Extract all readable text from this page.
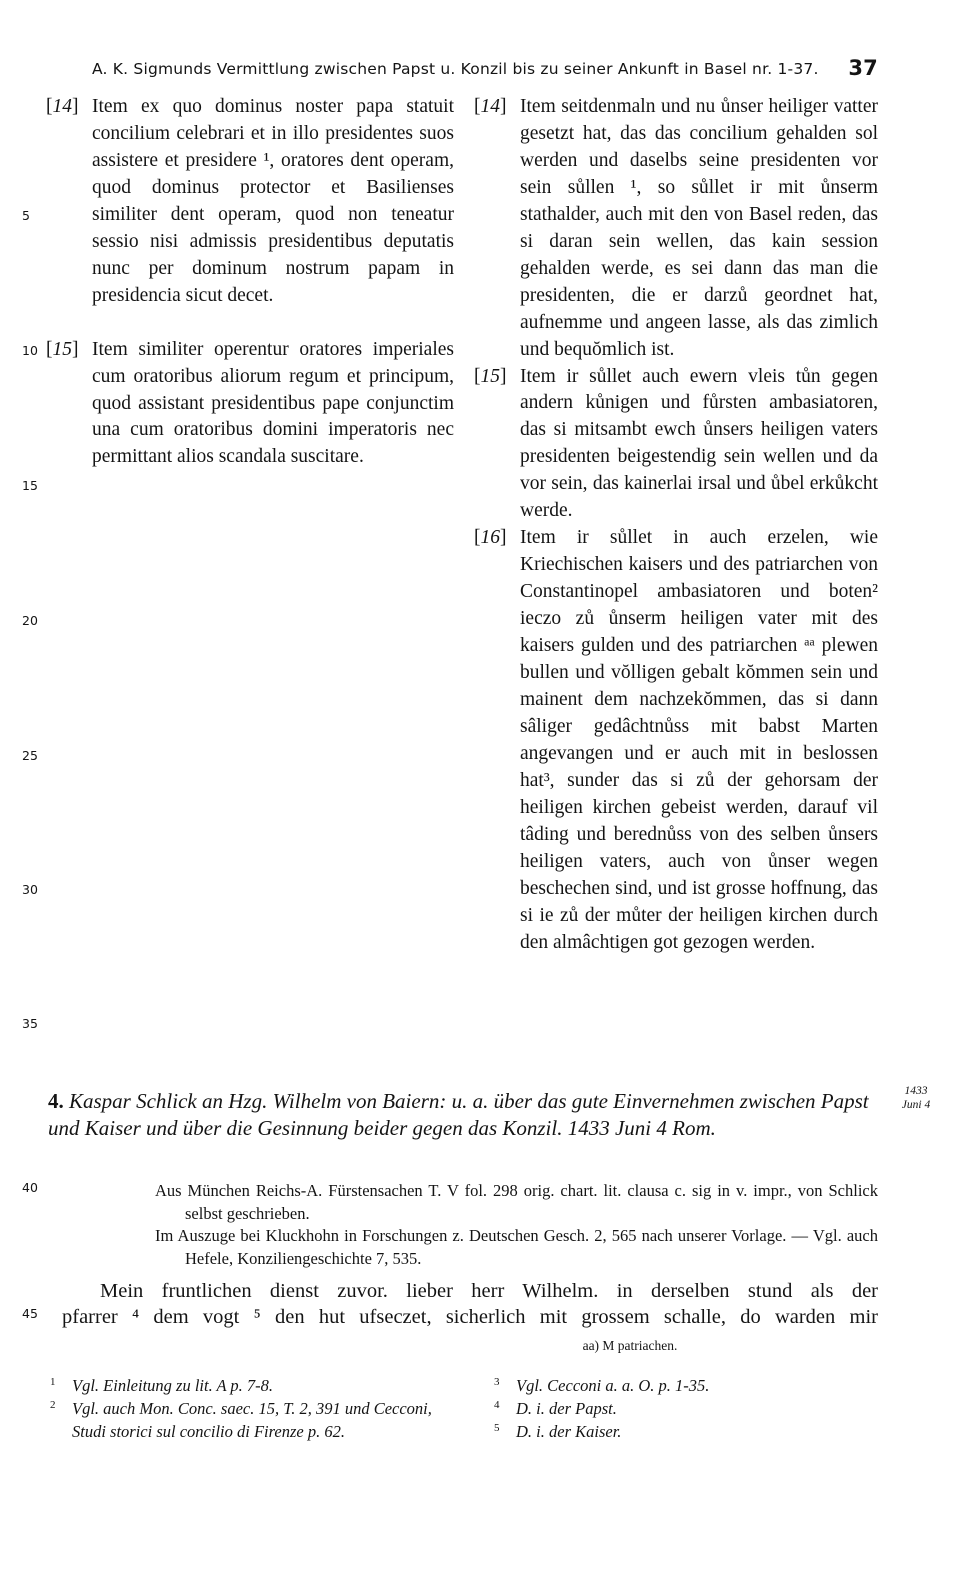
A. K. Sigmunds Vermittlung zwischen Papst u. Konzil bis zu seiner Ankunft in Basel nr. 1-37. 37
5
10
15
20
25
30
35
40
45

[14] Item ex quo dominus noster papa statuit concilium celebrari et in illo presidentes suos assistere et presidere ¹, oratores dent operam, quod dominus protector et Basilienses similiter dent operam, quod non teneatur sessio nisi admissis presidentibus deputatis nunc per dominum nostrum papam in presidencia sicut decet.

[15] Item similiter operentur oratores imperiales cum oratoribus aliorum regum et principum, quod assistant presidentibus pape conjunctim una cum oratoribus domini imperatoris nec permittant alios scandala suscitare.

[14] Item seitdenmaln und nu ůnser heiliger vatter gesetzt hat, das das concilium gehalden sol werden und daselbs seine presidenten vor sein sůllen ¹, so sůllet ir mit ůnserm stathalder, auch mit den von Basel reden, das si daran sein wellen, das kain session gehalden werde, es sei dann das man die presidenten, die er darzů geordnet hat, aufnemme und angeen lasse, als das zimlich und bequŏmlich ist.

[15] Item ir sůllet auch ewern vleis tůn gegen andern kůnigen und fůrsten ambasiatoren, das si mitsambt ewch ůnsers heiligen vaters presidenten beigestendig sein wellen und da vor sein, das kainerlai irsal und ůbel erkůkcht werde.

[16] Item ir sůllet in auch erzelen, wie Kriechischen kaisers und des patriarchen von Constantinopel ambasiatoren und boten² ieczo zů ůnserm heiligen vater mit des kaisers gulden und des patriarchen ᵃᵃ plewen bullen und vŏlligen gebalt kŏmmen sein und mainent dem nachzekŏmmen, das si dann sâliger gedâchtnůss mit babst Marten angevangen und er auch mit in beslossen hat³, sunder das si zů der gehorsam der heiligen kirchen gebeist werden, darauf vil tâding und berednůss von des selben ůnsers heiligen vaters, auch von ůnser wegen beschechen sind, und ist grosse hoffnung, das si ie zů der můter der heiligen kirchen durch den almâchtigen got gezogen werden.

4. Kaspar Schlick an Hzg. Wilhelm von Baiern: u. a. über das gute Einvernehmen zwischen Papst und Kaiser und über die Gesinnung beider gegen das Konzil. 1433 Juni 4 Rom.
1433
Juni 4

Aus München Reichs-A. Fürstensachen T. V fol. 298 orig. chart. lit. clausa c. sig in v. impr., von Schlick selbst geschrieben.

Im Auszuge bei Kluckhohn in Forschungen z. Deutschen Gesch. 2, 565 nach unserer Vorlage. — Vgl. auch Hefele, Konziliengeschichte 7, 535.

Mein fruntlichen dienst zuvor. lieber herr Wilhelm. in derselben stund als der
pfarrer ⁴ dem vogt ⁵ den hut ufseczet, sicherlich mit grossem schalle, do warden mir
aa) M patriachen.

1 Vgl. Einleitung zu lit. A p. 7-8.

2 Vgl. auch Mon. Conc. saec. 15, T. 2, 391 und Cecconi, Studi storici sul concilio di Firenze p. 62.

3 Vgl. Cecconi a. a. O. p. 1-35.

4 D. i. der Papst.

5 D. i. der Kaiser.
